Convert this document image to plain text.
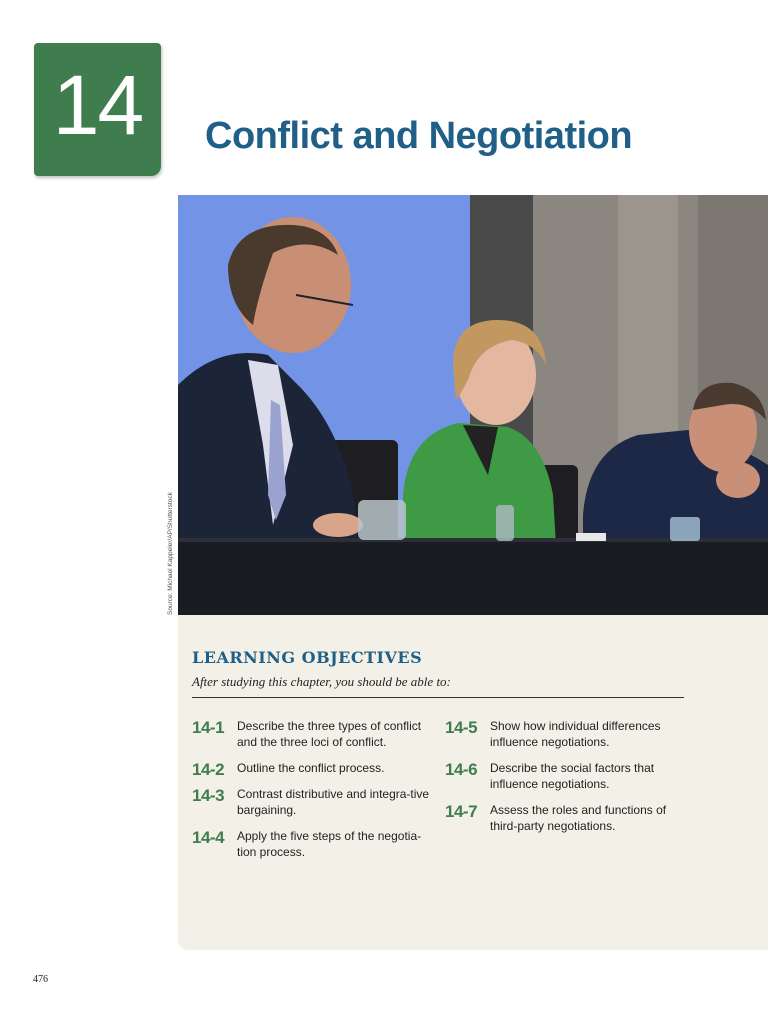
14	Conflict and Negotiation
Source: Michael Kappeler/AP/Shutterstock
LEARNING OBJECTIVES
After studying this chapter, you should be able to:
14-1 Describe the three types of conflict and the three loci of conflict.
14-2 Outline the conflict process.
14-3 Contrast distributive and integra-tive bargaining.
14-4 Apply the five steps of the negotia-tion process.
14-5 Show how individual differences influence negotiations.
14-6 Describe the social factors that influence negotiations.
14-7 Assess the roles and functions of third-party negotiations.
476
